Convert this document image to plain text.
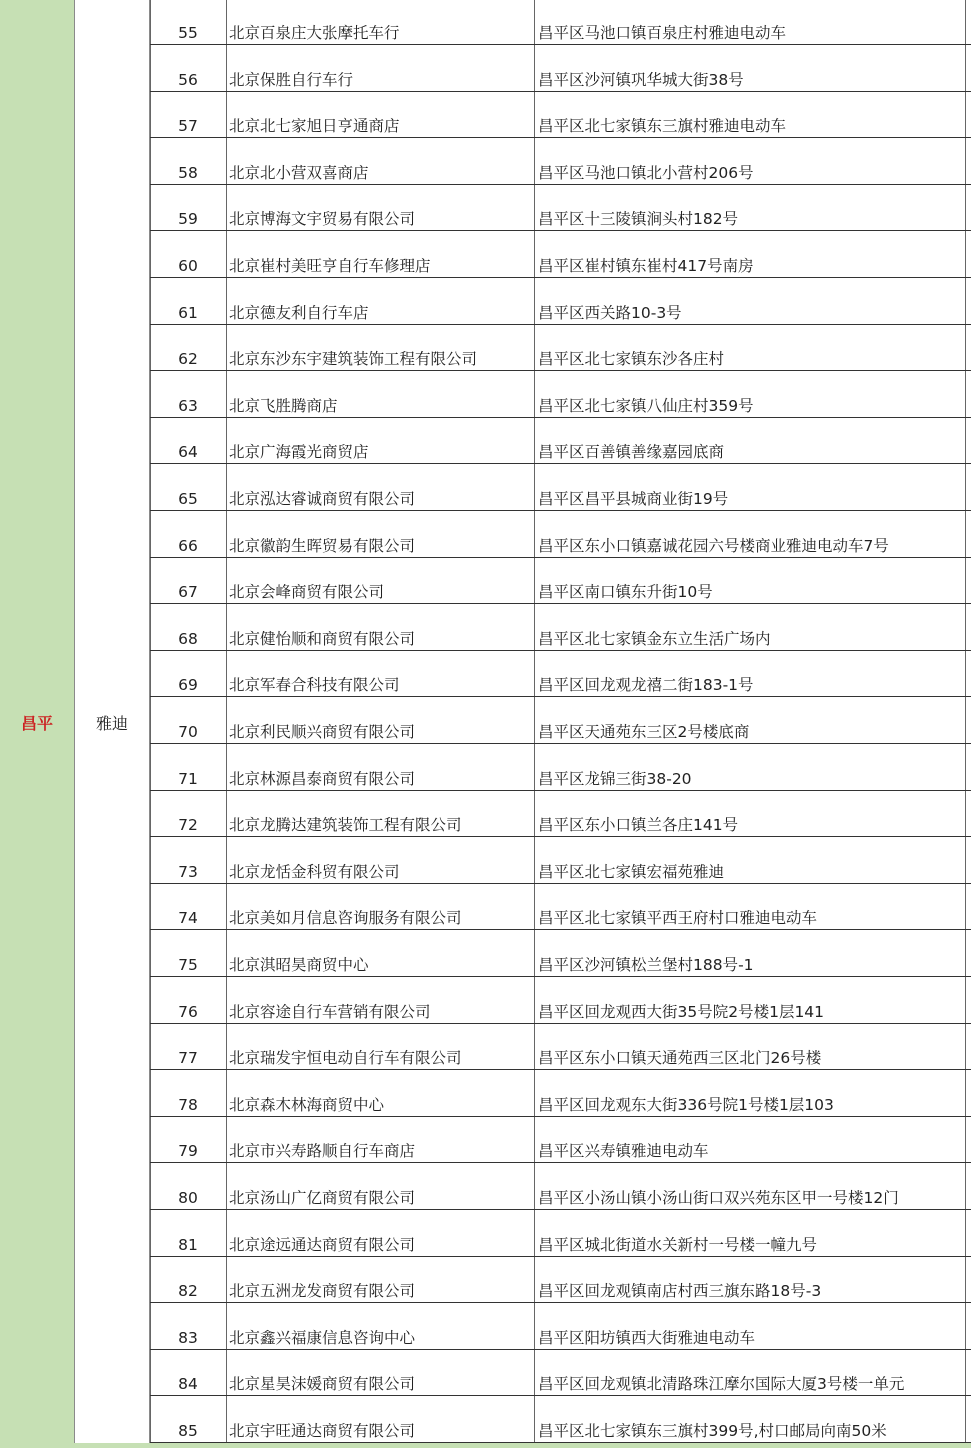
昌平	雅迪
55	北京百泉庄大张摩托车行	昌平区马池口镇百泉庄村雅迪电动车
56	北京保胜自行车行	昌平区沙河镇巩华城大街38号
57	北京北七家旭日亨通商店	昌平区北七家镇东三旗村雅迪电动车
58	北京北小营双喜商店	昌平区马池口镇北小营村206号
59	北京博海文宇贸易有限公司	昌平区十三陵镇涧头村182号
60	北京崔村美旺亨自行车修理店	昌平区崔村镇东崔村417号南房
61	北京德友利自行车店	昌平区西关路10-3号
62	北京东沙东宇建筑装饰工程有限公司	昌平区北七家镇东沙各庄村
63	北京飞胜腾商店	昌平区北七家镇八仙庄村359号
64	北京广海霞光商贸店	昌平区百善镇善缘嘉园底商
65	北京泓达睿诚商贸有限公司	昌平区昌平县城商业街19号
66	北京徽韵生晖贸易有限公司	昌平区东小口镇嘉诚花园六号楼商业雅迪电动车7号
67	北京会峰商贸有限公司	昌平区南口镇东升街10号
68	北京健怡顺和商贸有限公司	昌平区北七家镇金东立生活广场内
69	北京军春合科技有限公司	昌平区回龙观龙禧二街183-1号
70	北京利民顺兴商贸有限公司	昌平区天通苑东三区2号楼底商
71	北京林源昌泰商贸有限公司	昌平区龙锦三街38-20
72	北京龙腾达建筑装饰工程有限公司	昌平区东小口镇兰各庄141号
73	北京龙恬金科贸有限公司	昌平区北七家镇宏福苑雅迪
74	北京美如月信息咨询服务有限公司	昌平区北七家镇平西王府村口雅迪电动车
75	北京淇昭昊商贸中心	昌平区沙河镇松兰堡村188号-1
76	北京容途自行车营销有限公司	昌平区回龙观西大街35号院2号楼1层141
77	北京瑞发宇恒电动自行车有限公司	昌平区东小口镇天通苑西三区北门26号楼
78	北京森木林海商贸中心	昌平区回龙观东大街336号院1号楼1层103
79	北京市兴寿路顺自行车商店	昌平区兴寿镇雅迪电动车
80	北京汤山广亿商贸有限公司	昌平区小汤山镇小汤山街口双兴苑东区甲一号楼12门
81	北京途远通达商贸有限公司	昌平区城北街道水关新村一号楼一幢九号
82	北京五洲龙发商贸有限公司	昌平区回龙观镇南店村西三旗东路18号-3
83	北京鑫兴福康信息咨询中心	昌平区阳坊镇西大街雅迪电动车
84	北京星昊沫媛商贸有限公司	昌平区回龙观镇北清路珠江摩尔国际大厦3号楼一单元
85	北京宇旺通达商贸有限公司	昌平区北七家镇东三旗村399号,村口邮局向南50米
